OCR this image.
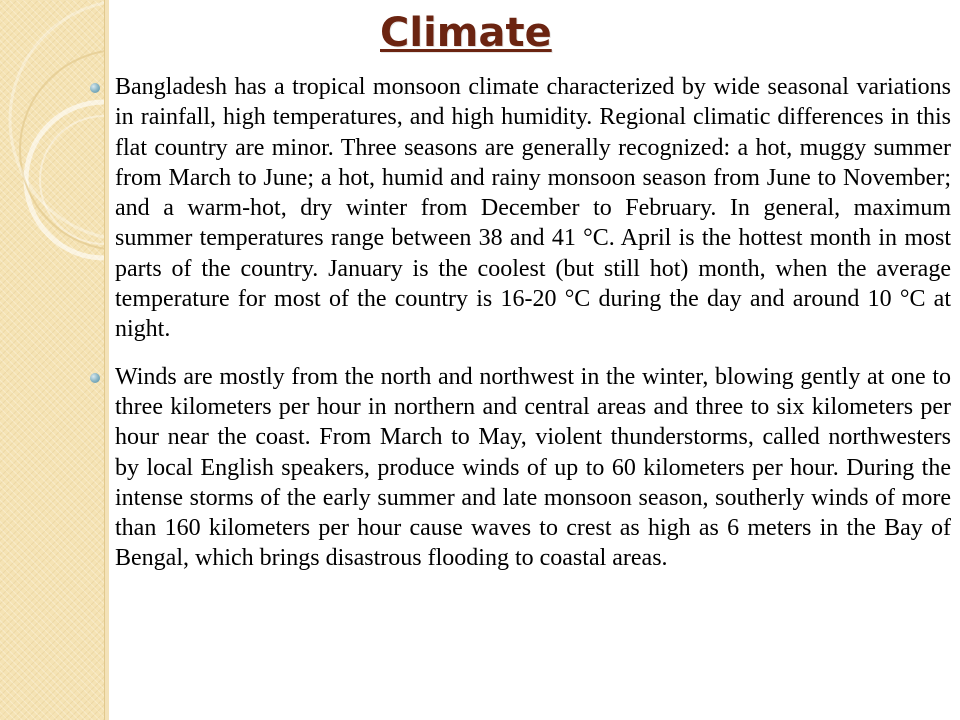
Climate
Bangladesh has a tropical monsoon climate characterized by wide seasonal variations in rainfall, high temperatures, and high humidity. Regional climatic differences in this flat country are minor. Three seasons are generally recognized: a hot, muggy summer from March to June; a hot, humid and rainy monsoon season from June to November; and a warm-hot, dry winter from December to February. In general, maximum summer temperatures range between 38 and 41 °C. April is the hottest month in most parts of the country. January is the coolest (but still hot) month, when the average temperature for most of the country is 16-20 °C during the day and around 10 °C at night.
Winds are mostly from the north and northwest in the winter, blowing gently at one to three kilometers per hour in northern and central areas and three to six kilometers per hour near the coast. From March to May, violent thunderstorms, called northwesters by local English speakers, produce winds of up to 60 kilometers per hour. During the intense storms of the early summer and late monsoon season, southerly winds of more than 160 kilometers per hour cause waves to crest as high as 6 meters in the Bay of Bengal, which brings disastrous flooding to coastal areas.
